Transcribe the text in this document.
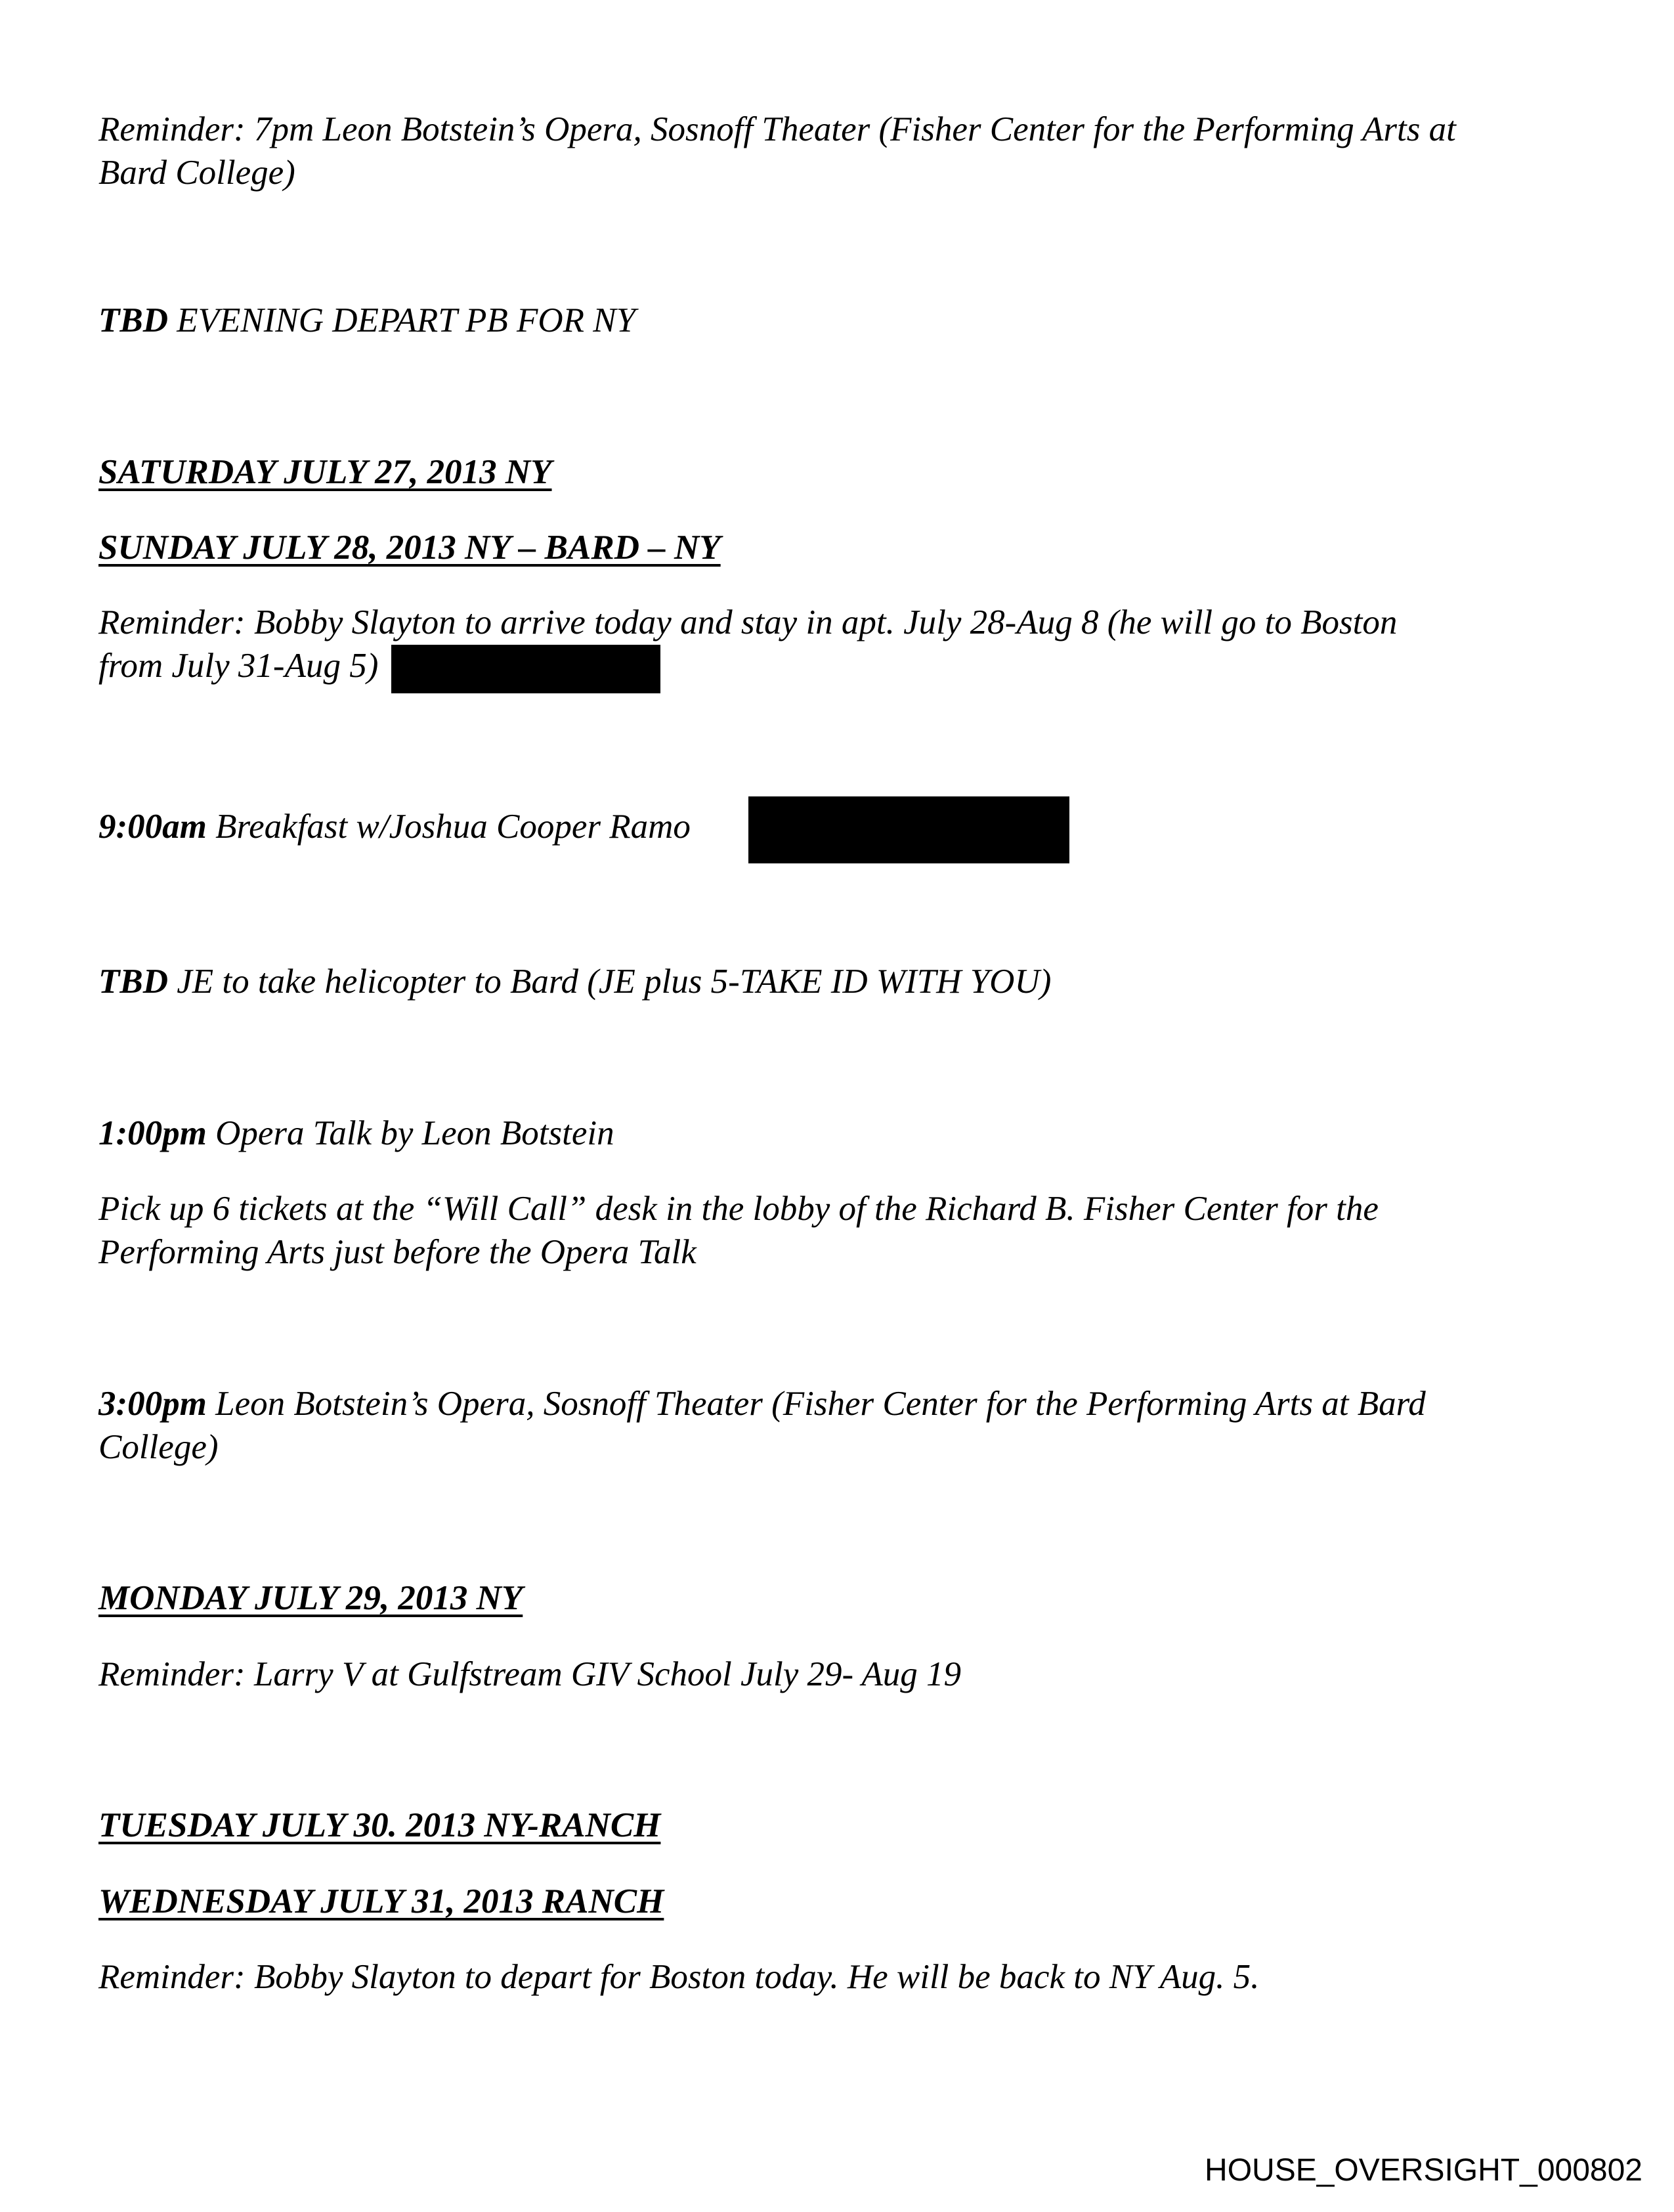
Reminder: 7pm Leon Botstein’s Opera, Sosnoff Theater (Fisher Center for the Performing Arts at
Bard College)
TBD EVENING DEPART PB FOR NY
SATURDAY JULY 27, 2013 NY
SUNDAY JULY 28, 2013 NY – BARD – NY
Reminder: Bobby Slayton to arrive today and stay in apt. July 28-Aug 8 (he will go to Boston
from July 31-Aug 5)
9:00am Breakfast w/Joshua Cooper Ramo
TBD JE to take helicopter to Bard (JE plus 5-TAKE ID WITH YOU)
1:00pm Opera Talk by Leon Botstein
Pick up 6 tickets at the “Will Call” desk in the lobby of the Richard B. Fisher Center for the
Performing Arts just before the Opera Talk
3:00pm Leon Botstein’s Opera, Sosnoff Theater (Fisher Center for the Performing Arts at Bard
College)
MONDAY JULY 29, 2013 NY
Reminder: Larry V at Gulfstream GIV School July 29- Aug 19
TUESDAY JULY 30. 2013 NY-RANCH
WEDNESDAY JULY 31, 2013 RANCH
Reminder: Bobby Slayton to depart for Boston today. He will be back to NY Aug. 5.
HOUSE_OVERSIGHT_000802
